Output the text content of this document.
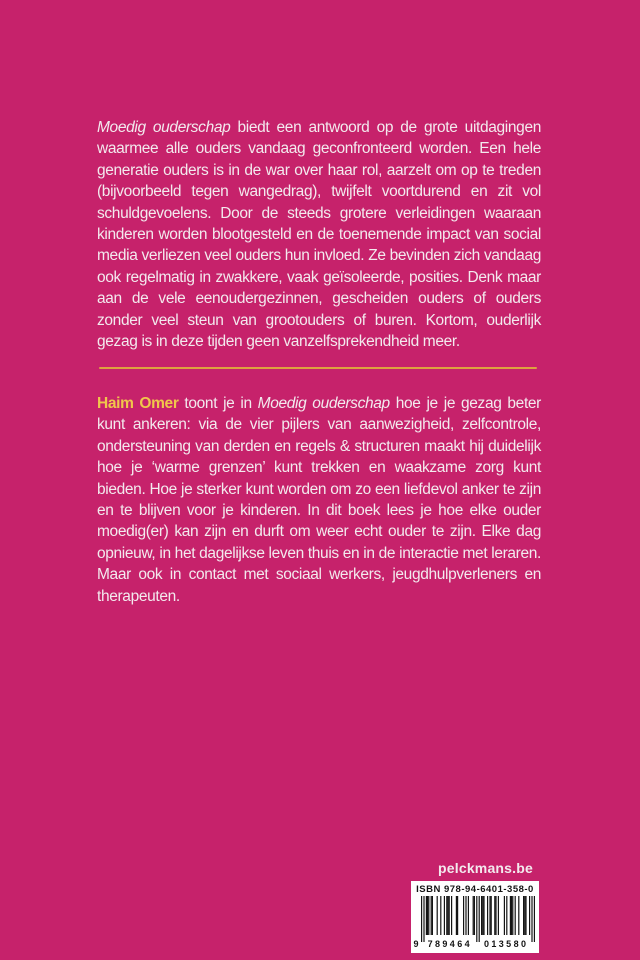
Moedig ouderschap biedt een antwoord op de grote uitdagingen waarmee alle ouders vandaag geconfronteerd worden. Een hele generatie ouders is in de war over haar rol, aarzelt om op te treden (bijvoorbeeld tegen wangedrag), twijfelt voortdurend en zit vol schuldgevoelens. Door de steeds grotere verleidingen waaraan kinderen worden blootgesteld en de toenemende impact van social media verliezen veel ouders hun invloed. Ze bevinden zich vandaag ook regelmatig in zwakkere, vaak geïsoleerde, posities. Denk maar aan de vele eenoudergezinnen, gescheiden ouders of ouders zonder veel steun van grootouders of buren. Kortom, ouderlijk gezag is in deze tijden geen vanzelfsprekendheid meer.

Haim Omer toont je in Moedig ouderschap hoe je je gezag beter kunt ankeren: via de vier pijlers van aanwezigheid, zelfcontrole, ondersteuning van derden en regels & structuren maakt hij duidelijk hoe je ‘warme grenzen’ kunt trekken en waakzame zorg kunt bieden. Hoe je sterker kunt worden om zo een liefdevol anker te zijn en te blijven voor je kinderen. In dit boek lees je hoe elke ouder moedig(er) kan zijn en durft om weer echt ouder te zijn. Elke dag opnieuw, in het dagelijkse leven thuis en in de interactie met leraren. Maar ook in contact met sociaal werkers, jeugdhulpverleners en therapeuten.

pelckmans.be
ISBN 978-94-6401-358-0
9 789464 013580
